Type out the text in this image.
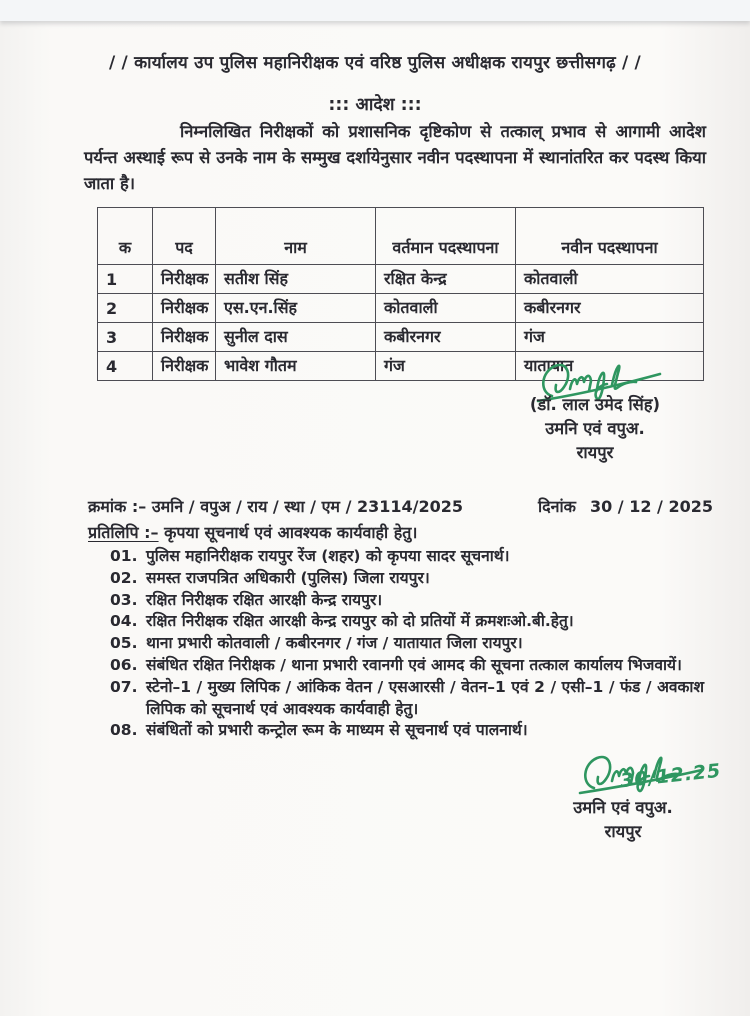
/ / कार्यालय उप पुलिस महानिरीक्षक एवं वरिष्ठ पुलिस अधीक्षक रायपुर छत्तीसगढ़ / /
::: आदेश :::

निम्नलिखित निरीक्षकों को प्रशासनिक दृष्टिकोण से तत्काल् प्रभाव से आगामी आदेश पर्यन्त अस्थाई रूप से उनके नाम के सम्मुख दर्शायेनुसार नवीन पदस्थापना में स्थानांतरित कर पदस्थ किया जाता है।

क	पद	नाम	वर्तमान पदस्थापना	नवीन पदस्थापना
1	निरीक्षक	सतीश सिंह	रक्षित केन्द्र	कोतवाली
2	निरीक्षक	एस.एन.सिंह	कोतवाली	कबीरनगर
3	निरीक्षक	सुनील दास	कबीरनगर	गंज
4	निरीक्षक	भावेश गौतम	गंज	यातायात
(डॉ. लाल उमेद सिंह)
उमनि एवं वपुअ.
रायपुर
क्रमांक :– उमनि / वपुअ / राय / स्था / एम / 23114/2025	दिनांक 30 / 12 / 2025
प्रतिलिपि :– कृपया सूचनार्थ एवं आवश्यक कार्यवाही हेतु।
01. पुलिस महानिरीक्षक रायपुर रेंज (शहर) को कृपया सादर सूचनार्थ।
02. समस्त राजपत्रित अधिकारी (पुलिस) जिला रायपुर।
03. रक्षित निरीक्षक रक्षित आरक्षी केन्द्र रायपुर।
04. रक्षित निरीक्षक रक्षित आरक्षी केन्द्र रायपुर को दो प्रतियों में क्रमशःओ.बी.हेतु।
05. थाना प्रभारी कोतवाली / कबीरनगर / गंज / यातायात जिला रायपुर।
06. संबंधित रक्षित निरीक्षक / थाना प्रभारी रवानगी एवं आमद की सूचना तत्काल कार्यालय भिजवायें।
07. स्टेनो–1 / मुख्य लिपिक / आंकिक वेतन / एसआरसी / वेतन–1 एवं 2 / एसी–1 / फंड / अवकाश लिपिक को सूचनार्थ एवं आवश्यक कार्यवाही हेतु।
08. संबंधितों को प्रभारी कन्ट्रोल रूम के माध्यम से सूचनार्थ एवं पालनार्थ।
30/12.25
उमनि एवं वपुअ.
रायपुर
